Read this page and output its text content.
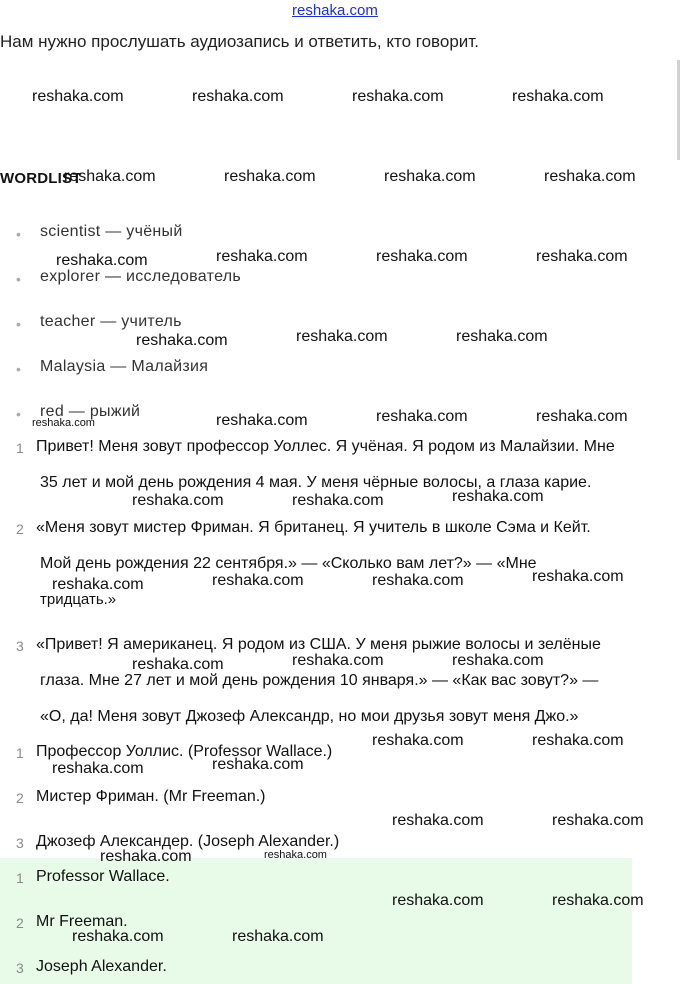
reshaka.com
Нам нужно прослушать аудиозапись и ответить, кто говорит.
WORDLIST
• scientist — учёный
• explorer — исследователь
• teacher — учитель
• Malaysia — Малайзия
• red — рыжий
1 Привет! Меня зовут профессор Уоллес. Я учёная. Я родом из Малайзии. Мне
35 лет и мой день рождения 4 мая. У меня чёрные волосы, а глаза карие.
2 «Меня зовут мистер Фриман. Я британец. Я учитель в школе Сэма и Кейт.
Мой день рождения 22 сентября.» — «Сколько вам лет?» — «Мне
тридцать.»
3 «Привет! Я американец. Я родом из США. У меня рыжие волосы и зелёные
глаза. Мне 27 лет и мой день рождения 10 января.» — «Как вас зовут?» —
«О, да! Меня зовут Джозеф Александр, но мои друзья зовут меня Джо.»
1 Профессор Уоллис. (Professor Wallace.)
2 Мистер Фриман. (Mr Freeman.)
3 Джозеф Александер. (Joseph Alexander.)
1 Professor Wallace.
2 Mr Freeman.
3 Joseph Alexander.
reshaka.com	reshaka.com	reshaka.com	reshaka.com
reshaka.com	reshaka.com	reshaka.com	reshaka.com
reshaka.com	reshaka.com	reshaka.com	reshaka.com
reshaka.com	reshaka.com	reshaka.com
reshaka.com	reshaka.com	reshaka.com	reshaka.com
reshaka.com	reshaka.com	reshaka.com
reshaka.com	reshaka.com	reshaka.com	reshaka.com
reshaka.com	reshaka.com	reshaka.com
reshaka.com	reshaka.com
reshaka.com	reshaka.com
reshaka.com	reshaka.com
reshaka.com	reshaka.com
reshaka.com	reshaka.com
reshaka.com	reshaka.com
